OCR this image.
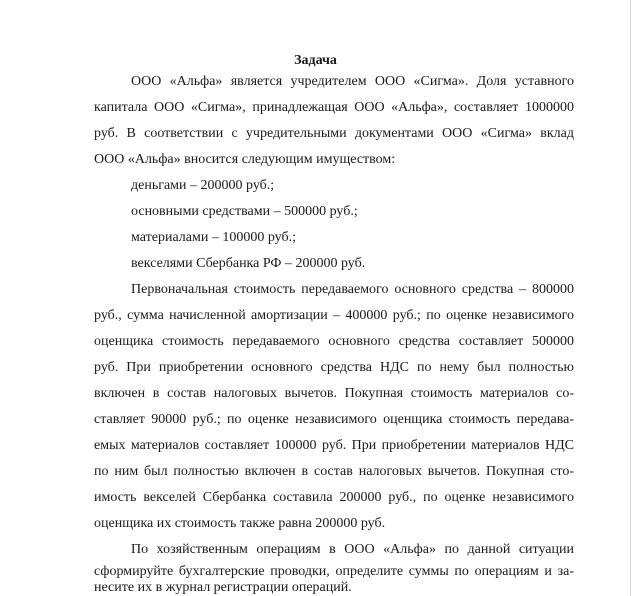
Задача
ООО «Альфа» является учредителем ООО «Сигма». Доля уставного
капитала ООО «Сигма», принадлежащая ООО «Альфа», составляет 1000000
руб. В соответствии с учредительными документами ООО «Сигма» вклад
ООО «Альфа» вносится следующим имуществом:
деньгами – 200000 руб.;
основными средствами – 500000 руб.;
материалами – 100000 руб.;
векселями Сбербанка РФ – 200000 руб.
Первоначальная стоимость передаваемого основного средства – 800000
руб., сумма начисленной амортизации – 400000 руб.; по оценке независимого
оценщика стоимость передаваемого основного средства составляет 500000
руб. При приобретении основного средства НДС по нему был полностью
включен в состав налоговых вычетов. Покупная стоимость материалов со-
ставляет 90000 руб.; по оценке независимого оценщика стоимость передава-
емых материалов составляет 100000 руб. При приобретении материалов НДС
по ним был полностью включен в состав налоговых вычетов. Покупная сто-
имость векселей Сбербанка составила 200000 руб., по оценке независимого
оценщика их стоимость также равна 200000 руб.
По хозяйственным операциям в ООО «Альфа» по данной ситуации
сформируйте бухгалтерские проводки, определите суммы по операциям и за-
несите их в журнал регистрации операций.
